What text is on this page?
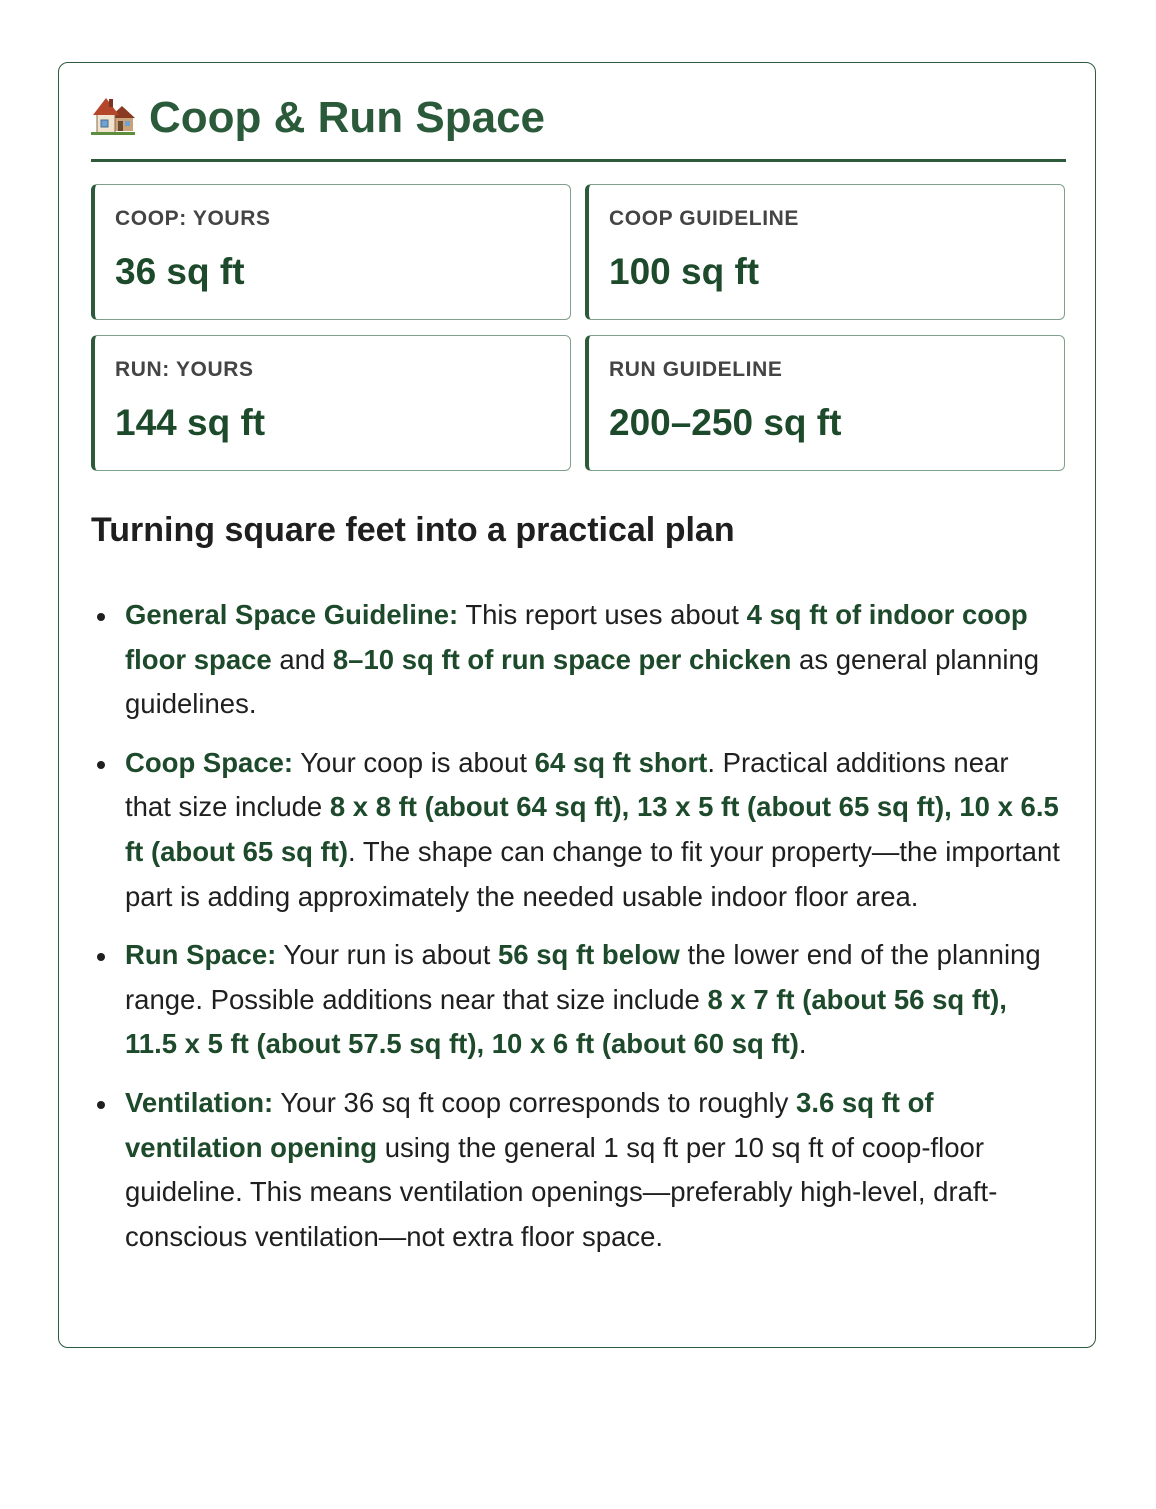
Coop & Run Space
COOP: YOURS
36 sq ft
COOP GUIDELINE
100 sq ft
RUN: YOURS
144 sq ft
RUN GUIDELINE
200–250 sq ft
Turning square feet into a practical plan
General Space Guideline: This report uses about 4 sq ft of indoor coop floor space and 8–10 sq ft of run space per chicken as general planning guidelines.
Coop Space: Your coop is about 64 sq ft short. Practical additions near that size include 8 x 8 ft (about 64 sq ft), 13 x 5 ft (about 65 sq ft), 10 x 6.5 ft (about 65 sq ft). The shape can change to fit your property—the important part is adding approximately the needed usable indoor floor area.
Run Space: Your run is about 56 sq ft below the lower end of the planning range. Possible additions near that size include 8 x 7 ft (about 56 sq ft), 11.5 x 5 ft (about 57.5 sq ft), 10 x 6 ft (about 60 sq ft).
Ventilation: Your 36 sq ft coop corresponds to roughly 3.6 sq ft of ventilation opening using the general 1 sq ft per 10 sq ft of coop-floor guideline. This means ventilation openings—preferably high-level, draft-conscious ventilation—not extra floor space.
